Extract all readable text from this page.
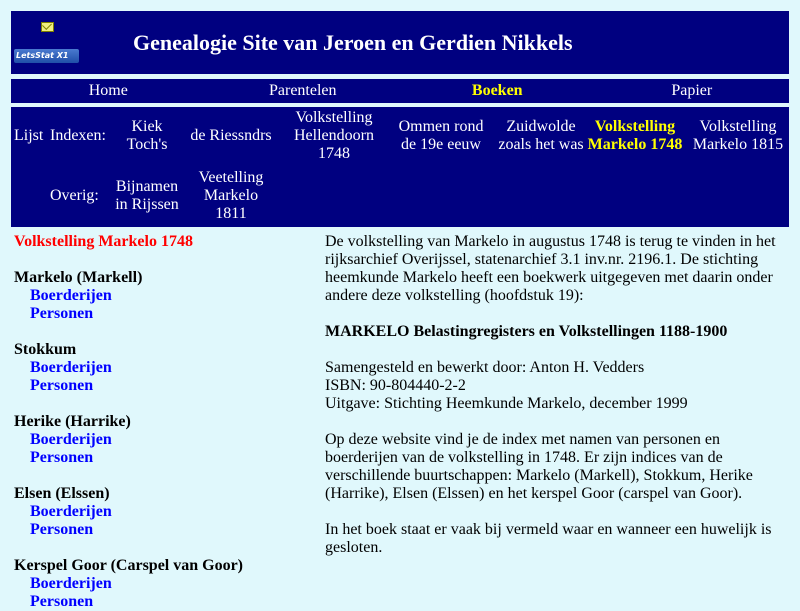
LetsStat X1
Genealogie Site van Jeroen en Gerdien Nikkels
Home	Parentelen	Boeken	Papier
Lijst Indexen:
Kiek Toch's
de Riessndrs
Volkstelling Hellendoorn 1748
Ommen rond de 19e eeuw
Zuidwolde zoals het was
Volkstelling Markelo 1748
Volkstelling Markelo 1815
Overig:
Bijnamen in Rijssen
Veetelling Markelo 1811
Volkstelling Markelo 1748
Markelo (Markell)
Boerderijen
Personen
Stokkum
Boerderijen
Personen
Herike (Harrike)
Boerderijen
Personen
Elsen (Elssen)
Boerderijen
Personen
Kerspel Goor (Carspel van Goor)
Boerderijen
Personen

De volkstelling van Markelo in augustus 1748 is terug te vinden in het rijksarchief Overijssel, statenarchief 3.1 inv.nr. 2196.1. De stichting heemkunde Markelo heeft een boekwerk uitgegeven met daarin onder andere deze volkstelling (hoofdstuk 19):

MARKELO Belastingregisters en Volkstellingen 1188-1900

Samengesteld en bewerkt door: Anton H. Vedders
ISBN: 90-804440-2-2
Uitgave: Stichting Heemkunde Markelo, december 1999

Op deze website vind je de index met namen van personen en boerderijen van de volkstelling in 1748. Er zijn indices van de verschillende buurtschappen: Markelo (Markell), Stokkum, Herike (Harrike), Elsen (Elssen) en het kerspel Goor (carspel van Goor).

In het boek staat er vaak bij vermeld waar en wanneer een huwelijk is gesloten.
